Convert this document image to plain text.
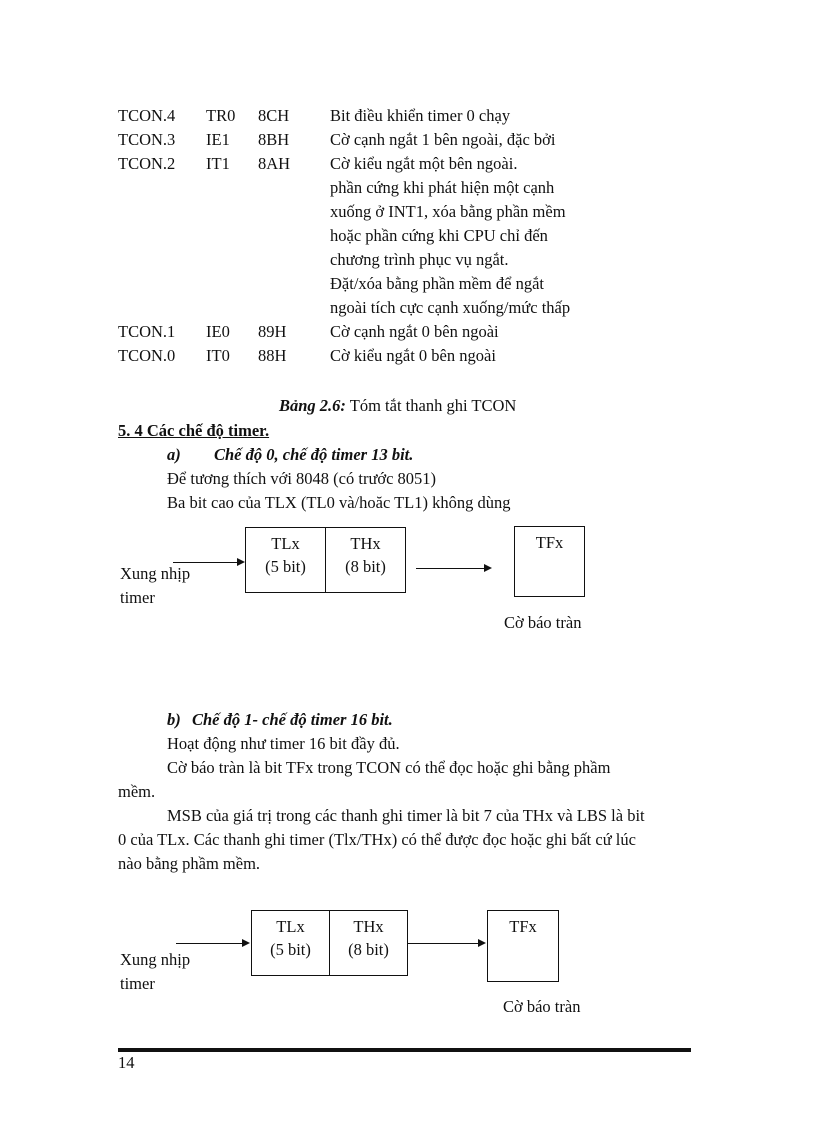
TCON.4 TR0 8CH Bit điều khiển timer 0 chạy
TCON.3 IE1 8BH Cờ cạnh ngắt 1 bên ngoài, đặc bởi
TCON.2 IT1 8AH Cờ kiểu ngắt một bên ngoài.
phần cứng khi phát hiện một cạnh
xuống ở INT1, xóa bằng phần mềm
hoặc phần cứng khi CPU chỉ đến
chương trình phục vụ ngắt.
Đặt/xóa bằng phần mềm để ngắt
ngoài tích cực cạnh xuống/mức thấp
TCON.1 IE0 89H	Cờ cạnh ngắt 0 bên ngoài
TCON.0 IT0 88H	Cờ kiểu ngắt 0 bên ngoài
Bảng 2.6: Tóm tắt thanh ghi TCON
5. 4 Các chế độ timer.
a) Chế độ 0, chế độ timer 13 bit.
Để tương thích với 8048 (có trước 8051)
Ba bit cao của TLX (TL0 và/hoăc TL1) không dùng
Xung nhịp
timer
TLx
(5 bit)
THx
(8 bit)
TFx
Cờ báo tràn
b) Chế độ 1- chế độ timer 16 bit.
Hoạt động như timer 16 bit đầy đủ.
Cờ báo tràn là bit TFx trong TCON có thể đọc hoặc ghi bằng phầm
mềm.
MSB của giá trị trong các thanh ghi timer là bit 7 của THx và LBS là bit
0 của TLx. Các thanh ghi timer (Tlx/THx) có thể được đọc hoặc ghi bất cứ lúc
nào bằng phầm mềm.
Xung nhịp
timer
TLx
(5 bit)
THx
(8 bit)
TFx
Cờ báo tràn
14
